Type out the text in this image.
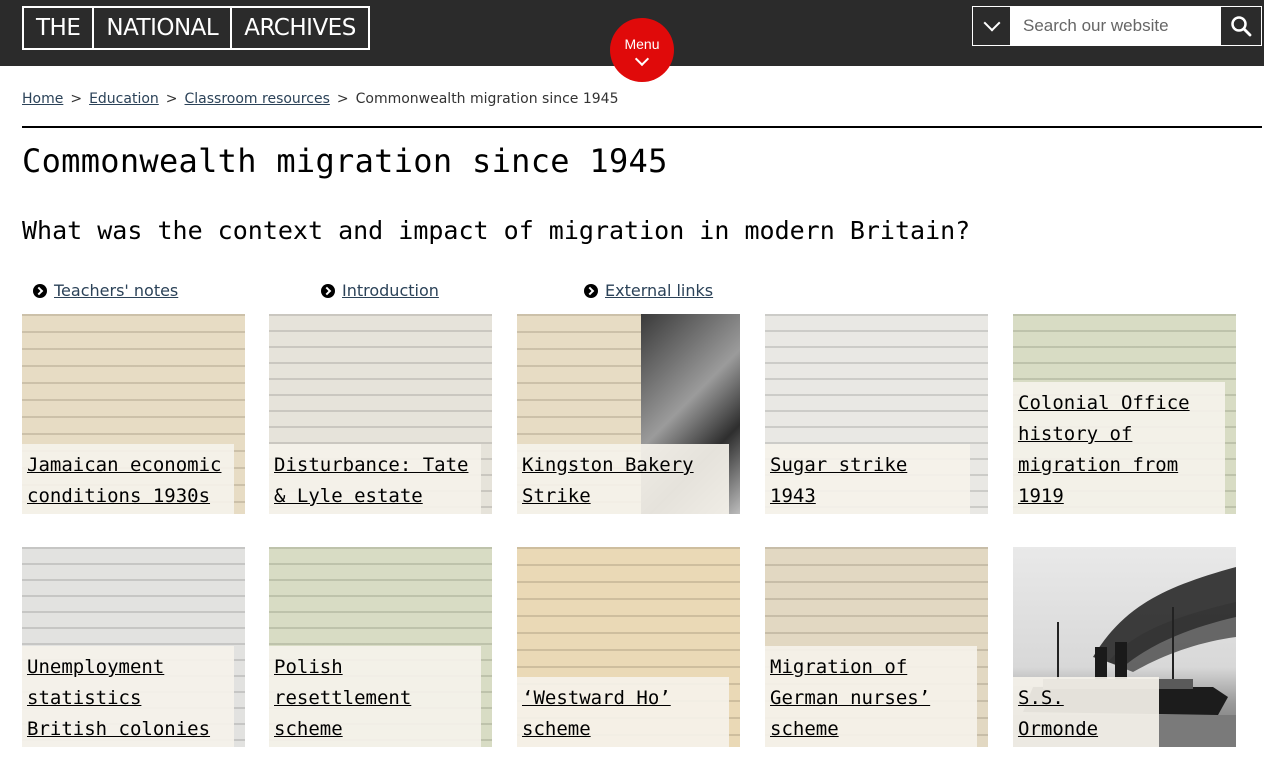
THE	NATIONAL	ARCHIVES
Search our website
Menu
Home > Education > Classroom resources > Commonwealth migration since 1945
Commonwealth migration since 1945
What was the context and impact of migration in modern Britain?
Teachers' notes	Introduction	External links
Jamaican economic conditions 1930s
Disturbance: Tate & Lyle estate
Kingston Bakery Strike
Sugar strike 1943
Colonial Office history of migration from 1919
Unemployment statistics British colonies
Polish resettlement scheme
‘Westward Ho’ scheme
Migration of German nurses’ scheme
S.S. Ormonde
